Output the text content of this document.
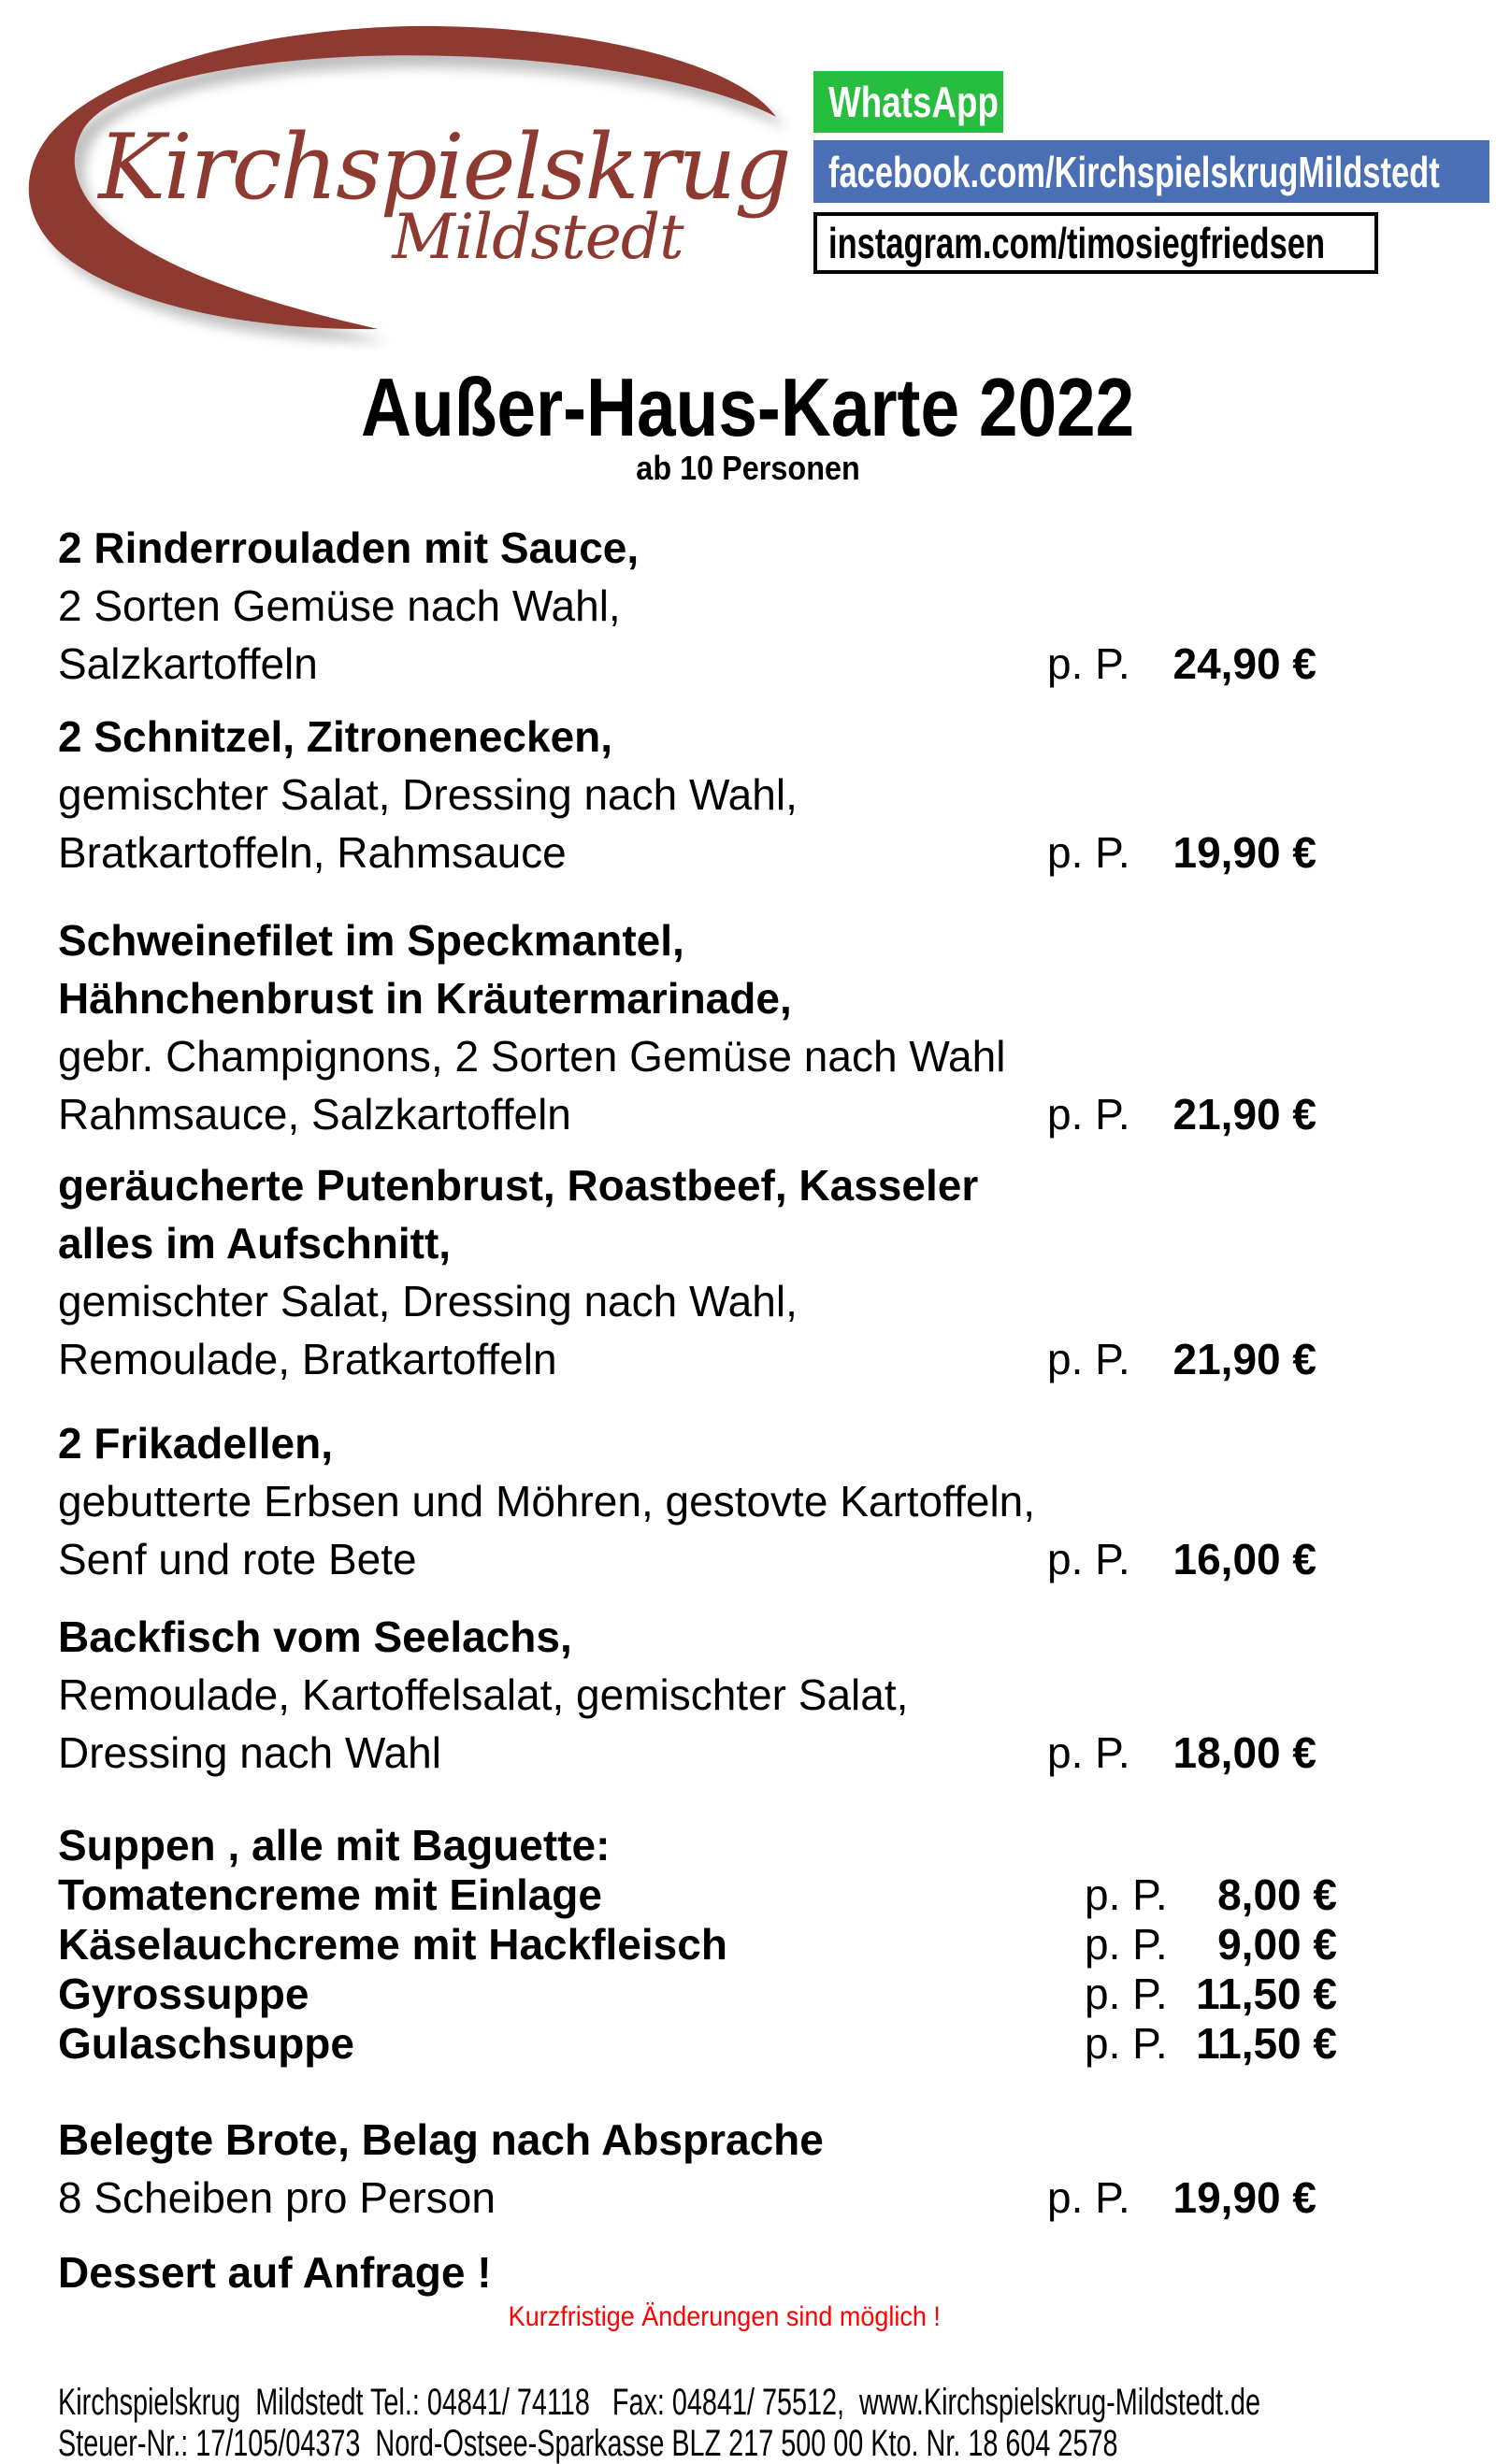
Kirchspielskrug
Mildstedt
WhatsApp
facebook.com/KirchspielskrugMildstedt
instagram.com/timosiegfriedsen
Außer-Haus-Karte 2022
ab 10 Personen
2 Rinderrouladen mit Sauce,
2 Sorten Gemüse nach Wahl,
Salzkartoffeln	p. P. 24,90 €
2 Schnitzel, Zitronenecken,
gemischter Salat, Dressing nach Wahl,
Bratkartoffeln, Rahmsauce	p. P. 19,90 €
Schweinefilet im Speckmantel,
Hähnchenbrust in Kräutermarinade,
gebr. Champignons, 2 Sorten Gemüse nach Wahl
Rahmsauce, Salzkartoffeln	p. P. 21,90 €
geräucherte Putenbrust, Roastbeef, Kasseler
alles im Aufschnitt,
gemischter Salat, Dressing nach Wahl,
Remoulade, Bratkartoffeln	p. P. 21,90 €
2 Frikadellen,
gebutterte Erbsen und Möhren, gestovte Kartoffeln,
Senf und rote Bete	p. P. 16,00 €
Backfisch vom Seelachs,
Remoulade, Kartoffelsalat, gemischter Salat,
Dressing nach Wahl	p. P. 18,00 €
Suppen , alle mit Baguette:
Tomatencreme mit Einlage	p. P. 8,00 €
Käselauchcreme mit Hackfleisch	p. P. 9,00 €
Gyrossuppe	p. P. 11,50 €
Gulaschsuppe	p. P. 11,50 €
Belegte Brote, Belag nach Absprache
8 Scheiben pro Person	p. P. 19,90 €
Dessert auf Anfrage !
Kurzfristige Änderungen sind möglich !
Kirchspielskrug  Mildstedt Tel.: 04841/ 74118   Fax: 04841/ 75512,  www.Kirchspielskrug-Mildstedt.de
Steuer-Nr.: 17/105/04373  Nord-Ostsee-Sparkasse BLZ 217 500 00 Kto. Nr. 18 604 2578
